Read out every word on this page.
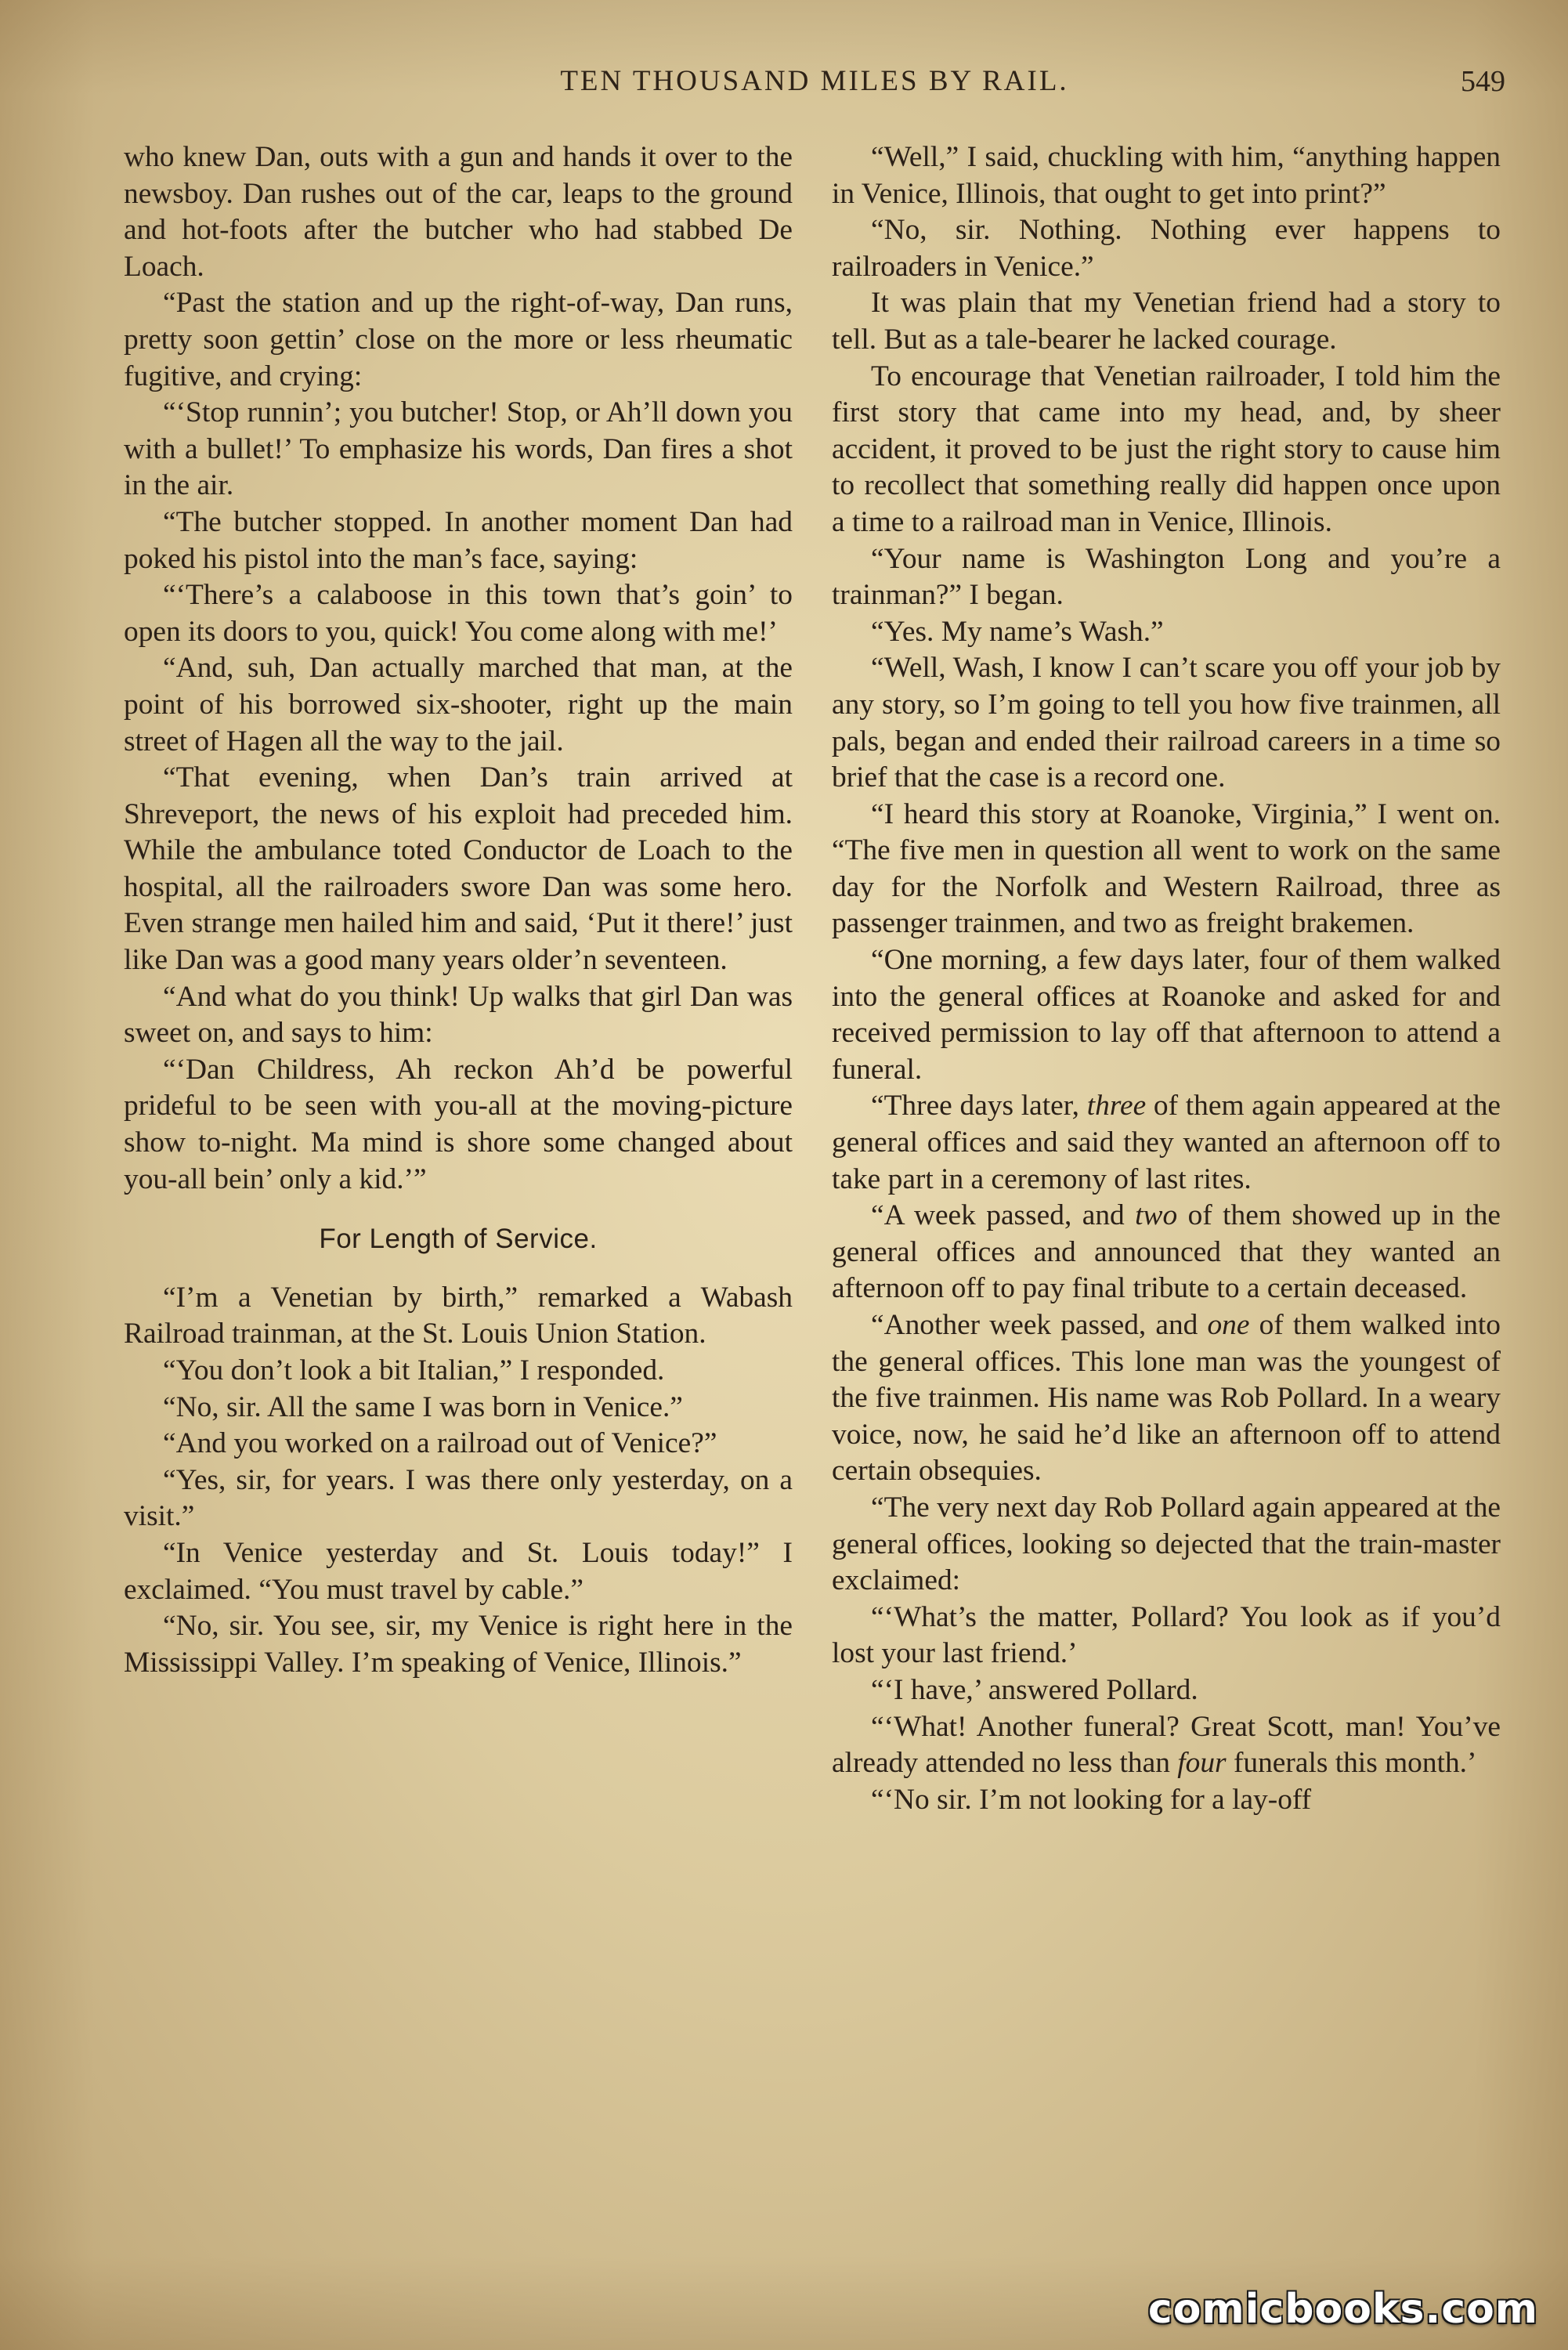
TEN THOUSAND MILES BY RAIL.	549

who knew Dan, outs with a gun and hands it over to the newsboy. Dan rushes out of the car, leaps to the ground and hot-foots after the butcher who had stabbed De Loach.

“Past the station and up the right-of-way, Dan runs, pretty soon gettin’ close on the more or less rheumatic fugitive, and crying:

“‘Stop runnin’; you butcher! Stop, or Ah’ll down you with a bullet!’ To emphasize his words, Dan fires a shot in the air.

“The butcher stopped. In another moment Dan had poked his pistol into the man’s face, saying:

“‘There’s a calaboose in this town that’s goin’ to open its doors to you, quick! You come along with me!’

“And, suh, Dan actually marched that man, at the point of his borrowed six-shooter, right up the main street of Hagen all the way to the jail.

“That evening, when Dan’s train arrived at Shreveport, the news of his exploit had preceded him. While the ambulance toted Conductor de Loach to the hospital, all the railroaders swore Dan was some hero. Even strange men hailed him and said, ‘Put it there!’ just like Dan was a good many years older’n seventeen.

“And what do you think! Up walks that girl Dan was sweet on, and says to him:

“‘Dan Childress, Ah reckon Ah’d be powerful prideful to be seen with you-all at the moving-picture show to-night. Ma mind is shore some changed about you-all bein’ only a kid.’”

For Length of Service.

“I’m a Venetian by birth,” remarked a Wabash Railroad trainman, at the St. Louis Union Station.

“You don’t look a bit Italian,” I responded.

“No, sir. All the same I was born in Venice.”

“And you worked on a railroad out of Venice?”

“Yes, sir, for years. I was there only yesterday, on a visit.”

“In Venice yesterday and St. Louis today!” I exclaimed. “You must travel by cable.”

“No, sir. You see, sir, my Venice is right here in the Mississippi Valley. I’m speaking of Venice, Illinois.”

“Well,” I said, chuckling with him, “anything happen in Venice, Illinois, that ought to get into print?”

“No, sir. Nothing. Nothing ever happens to railroaders in Venice.”

It was plain that my Venetian friend had a story to tell. But as a tale-bearer he lacked courage.

To encourage that Venetian railroader, I told him the first story that came into my head, and, by sheer accident, it proved to be just the right story to cause him to recollect that something really did happen once upon a time to a railroad man in Venice, Illinois.

“Your name is Washington Long and you’re a trainman?” I began.

“Yes. My name’s Wash.”

“Well, Wash, I know I can’t scare you off your job by any story, so I’m going to tell you how five trainmen, all pals, began and ended their railroad careers in a time so brief that the case is a record one.

“I heard this story at Roanoke, Virginia,” I went on. “The five men in question all went to work on the same day for the Norfolk and Western Railroad, three as passenger trainmen, and two as freight brakemen.

“One morning, a few days later, four of them walked into the general offices at Roanoke and asked for and received permission to lay off that afternoon to attend a funeral.

“Three days later, three of them again appeared at the general offices and said they wanted an afternoon off to take part in a ceremony of last rites.

“A week passed, and two of them showed up in the general offices and announced that they wanted an afternoon off to pay final tribute to a certain deceased.

“Another week passed, and one of them walked into the general offices. This lone man was the youngest of the five trainmen. His name was Rob Pollard. In a weary voice, now, he said he’d like an afternoon off to attend certain obsequies.

“The very next day Rob Pollard again appeared at the general offices, looking so dejected that the train-master exclaimed:

“‘What’s the matter, Pollard? You look as if you’d lost your last friend.’

“‘I have,’ answered Pollard.

“‘What! Another funeral? Great Scott, man! You’ve already attended no less than four funerals this month.’

“‘No sir. I’m not looking for a lay-off

comicbooks.com
